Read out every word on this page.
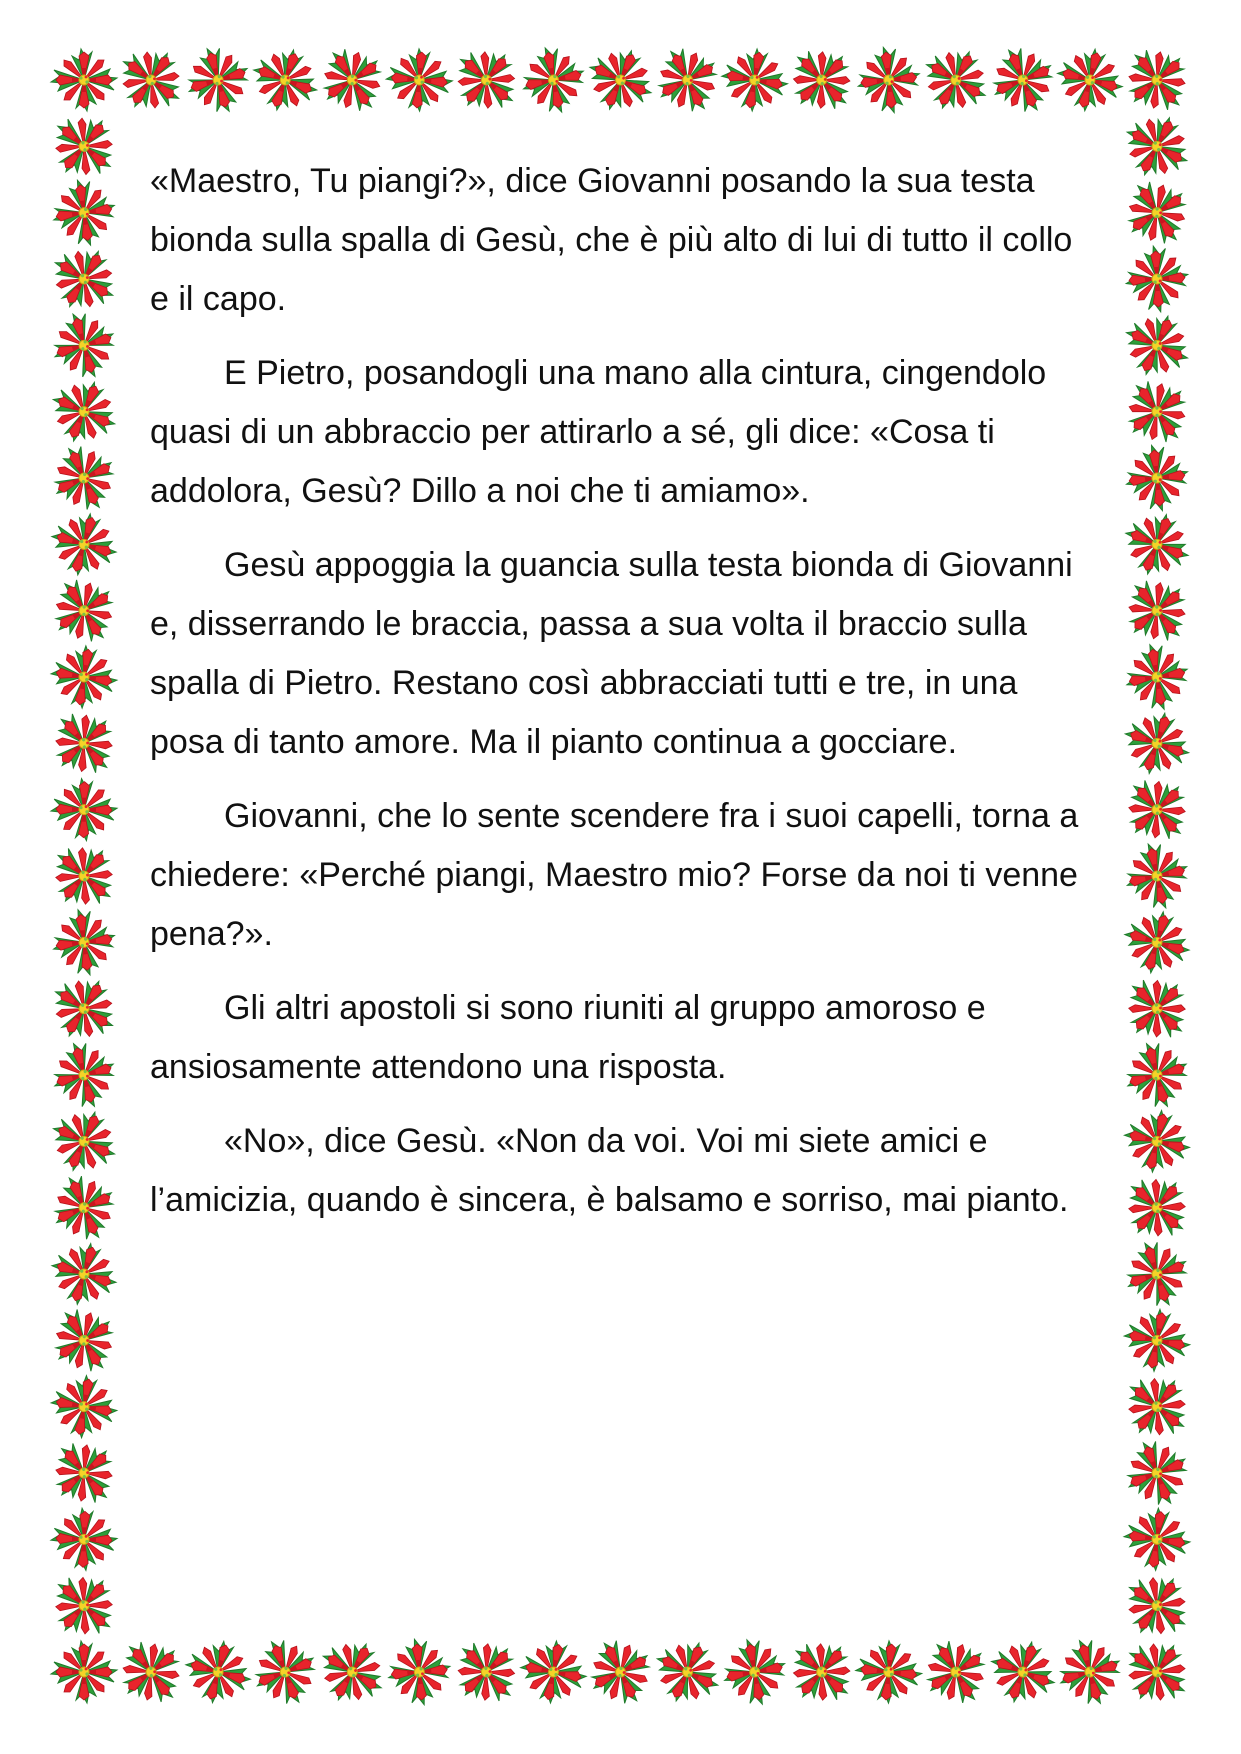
«Maestro, Tu piangi?», dice Giovanni posando la sua testa bionda sulla spalla di Gesù, che è più alto di lui di tutto il collo e il capo.

E Pietro, posandogli una mano alla cintura, cingendolo quasi di un abbraccio per attirarlo a sé, gli dice: «Cosa ti addolora, Gesù? Dillo a noi che ti amiamo».

Gesù appoggia la guancia sulla testa bionda di Giovanni e, disserrando le braccia, passa a sua volta il braccio sulla spalla di Pietro. Restano così abbracciati tutti e tre, in una posa di tanto amore. Ma il pianto continua a gocciare.

Giovanni, che lo sente scendere fra i suoi capelli, torna a chiedere: «Perché piangi, Maestro mio? Forse da noi ti venne pena?».

Gli altri apostoli si sono riuniti al gruppo amoroso e ansiosamente attendono una risposta.

«No», dice Gesù. «Non da voi. Voi mi siete amici e l’amicizia, quando è sincera, è balsamo e sorriso, mai pianto.
